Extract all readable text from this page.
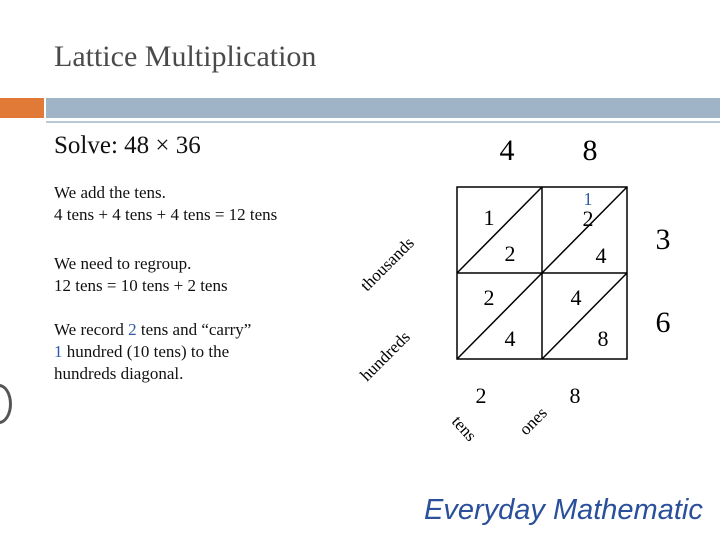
Lattice Multiplication
Solve: 48 × 36
We add the tens.
4 tens + 4 tens + 4 tens = 12 tens
We need to regroup.
12 tens = 10 tens + 2 tens
We record 2 tens and “carry”
1 hundred (10 tens) to the
hundreds diagonal.
4 8
3
6
1
2
2
4
2
4
4
8
1
2	8
thousands
hundreds
tens ones
Everyday Mathematic
